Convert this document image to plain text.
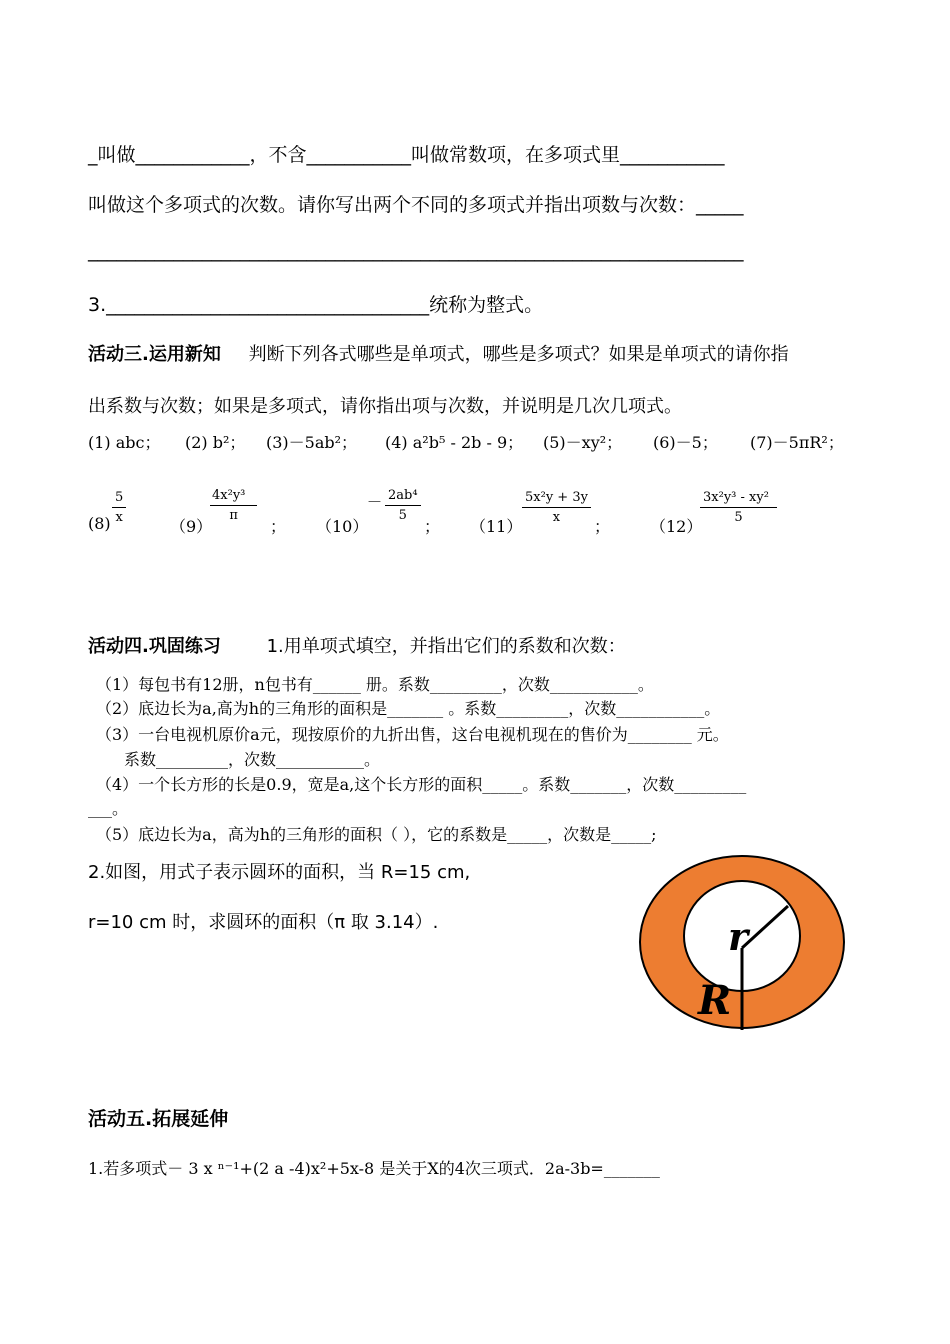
_叫做____________，不含___________叫做常数项，在多项式里___________
叫做这个多项式的次数。请你写出两个不同的多项式并指出项数与次数：_____
_____________________________________________________________________
3.__________________________________统称为整式。
活动三.运用新知 判断下列各式哪些是单项式，哪些是多项式？如果是单项式的请你指
出系数与次数；如果是多项式，请你指出项与次数，并说明是几次几项式。
(1) abc； (2) b²； (3)－5ab²； (4) a²b⁵ - 2b - 9； (5)－xy²； (6)－5； (7)－5πR²；
$(8) \frac{5}{x}$
（9）
$\frac{\text{4x²y³}}{\pi}$
； （10）
— $\frac{\text{2ab⁴}}{5}$
； （11）
$\frac{\text{5x²y + 3y}}{x}$
； （12）
$\frac{\text{3x²y³ - xy²}}{5}$
活动四.巩固练习	1.用单项式填空，并指出它们的系数和次数：
（1）每包书有12册，n包书有______ 册。系数_________，次数___________。
（2）底边长为a,高为h的三角形的面积是_______ 。系数_________，次数___________。
（3）一台电视机原价a元，现按原价的九折出售，这台电视机现在的售价为________ 元。
系数_________，次数___________。
（4）一个长方形的长是0.9，宽是a,这个长方形的面积_____。系数_______，次数_________
___。
（5）底边长为a，高为h的三角形的面积（ ），它的系数是_____，次数是_____;
2.如图，用式子表示圆环的面积，当 R=15 cm,
r=10 cm 时，求圆环的面积（π 取 3.14）.	r
R
活动五.拓展延伸
1.若多项式－ 3 x ⁿ⁻¹+(2 a -4)x²+5x-8 是关于X的4次三项式．2a-3b=_______
